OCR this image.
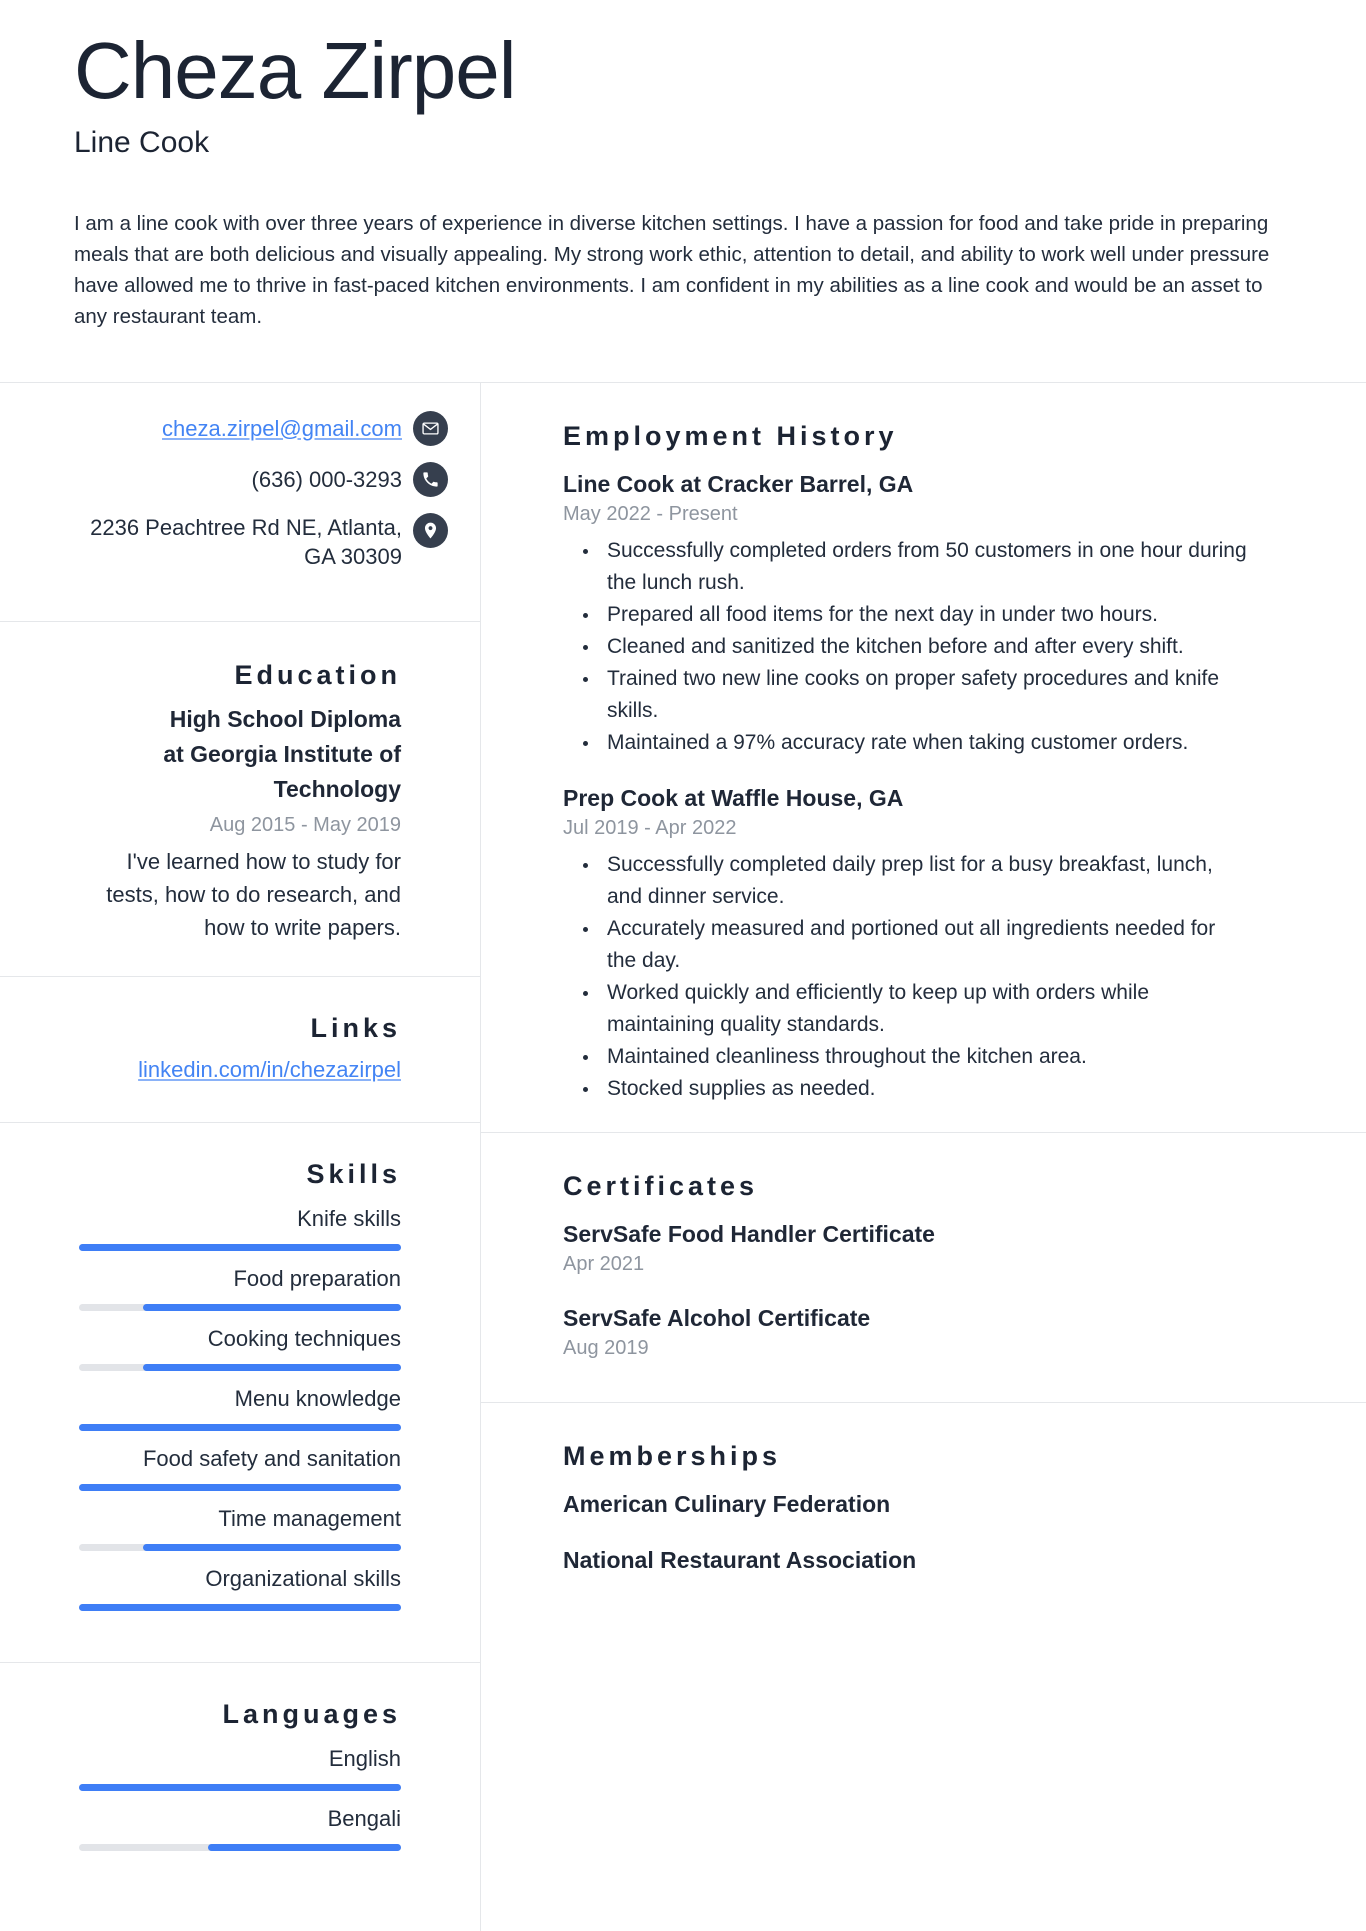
Cheza Zirpel
Line Cook
I am a line cook with over three years of experience in diverse kitchen settings. I have a passion for food and take pride in preparing meals that are both delicious and visually appealing. My strong work ethic, attention to detail, and ability to work well under pressure have allowed me to thrive in fast-paced kitchen environments. I am confident in my abilities as a line cook and would be an asset to any restaurant team.
cheza.zirpel@gmail.com
(636) 000-3293
2236 Peachtree Rd NE, Atlanta, GA 30309
Education
High School Diploma at Georgia Institute of Technology
Aug 2015 - May 2019
I've learned how to study for tests, how to do research, and how to write papers.
Links
linkedin.com/in/chezazirpel
Skills
Knife skills
Food preparation
Cooking techniques
Menu knowledge
Food safety and sanitation
Time management
Organizational skills
Languages
English
Bengali
Employment History
Line Cook at Cracker Barrel, GA
May 2022 - Present
Successfully completed orders from 50 customers in one hour during the lunch rush.
Prepared all food items for the next day in under two hours.
Cleaned and sanitized the kitchen before and after every shift.
Trained two new line cooks on proper safety procedures and knife skills.
Maintained a 97% accuracy rate when taking customer orders.
Prep Cook at Waffle House, GA
Jul 2019 - Apr 2022
Successfully completed daily prep list for a busy breakfast, lunch, and dinner service.
Accurately measured and portioned out all ingredients needed for the day.
Worked quickly and efficiently to keep up with orders while maintaining quality standards.
Maintained cleanliness throughout the kitchen area.
Stocked supplies as needed.
Certificates
ServSafe Food Handler Certificate
Apr 2021
ServSafe Alcohol Certificate
Aug 2019
Memberships
American Culinary Federation
National Restaurant Association
